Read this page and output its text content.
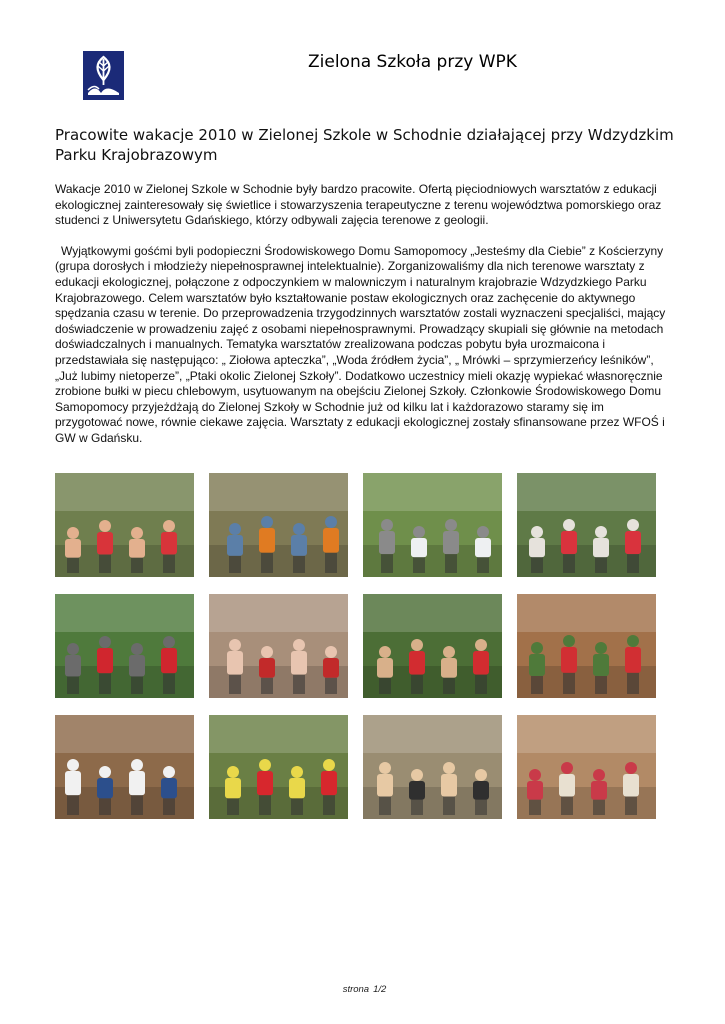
Zielona Szkoła przy WPK
Pracowite wakacje 2010 w Zielonej Szkole w Schodnie działającej przy Wdzydzkim Parku Krajobrazowym

Wakacje 2010 w Zielonej Szkole w Schodnie były bardzo pracowite. Ofertą pięciodniowych warsztatów z edukacji ekologicznej zainteresowały się świetlice i stowarzyszenia terapeutyczne z terenu województwa pomorskiego oraz studenci z Uniwersytetu Gdańskiego, którzy odbywali zajęcia terenowe z geologii.

Wyjątkowymi gośćmi byli podopieczni Środowiskowego Domu Samopomocy „Jesteśmy dla Ciebie” z Kościerzyny (grupa dorosłych i młodzieży niepełnosprawnej intelektualnie). Zorganizowaliśmy dla nich terenowe warsztaty z edukacji ekologicznej, połączone z odpoczynkiem w malowniczym i naturalnym krajobrazie Wdzydzkiego Parku Krajobrazowego. Celem warsztatów było kształtowanie postaw ekologicznych oraz zachęcenie do aktywnego spędzania czasu w terenie. Do przeprowadzenia trzygodzinnych warsztatów zostali wyznaczeni specjaliści, mający doświadczenie w prowadzeniu zajęć z osobami niepełnosprawnymi. Prowadzący skupiali się głównie na metodach doświadczalnych i manualnych. Tematyka warsztatów zrealizowana podczas pobytu była urozmaicona i przedstawiała się następująco: „ Ziołowa apteczka”, „Woda źródłem życia”, „ Mrówki – sprzymierzeńcy leśników”, „Już lubimy nietoperze”, „Ptaki okolic Zielonej Szkoły”. Dodatkowo uczestnicy mieli okazję wypiekać własnoręcznie zrobione bułki w piecu chlebowym, usytuowanym na obejściu Zielonej Szkoły. Członkowie Środowiskowego Domu Samopomocy przyjeżdżają do Zielonej Szkoły w Schodnie już od kilku lat i każdorazowo staramy się im przygotować nowe, równie ciekawe zajęcia. Warsztaty z edukacji ekologicznej zostały sfinansowane przez WFOŚ i GW w Gdańsku.

strona 1/2
